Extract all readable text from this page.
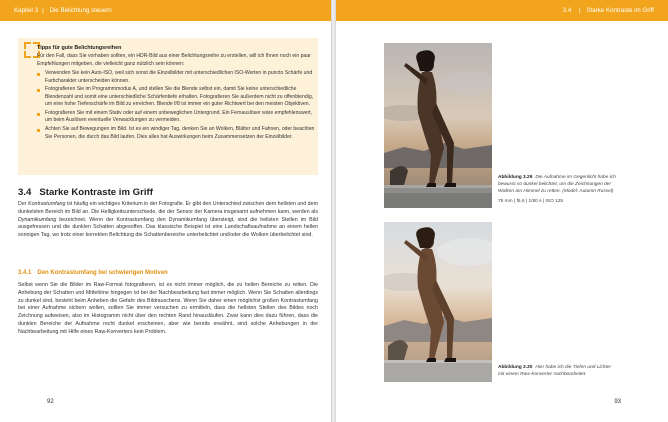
Kapitel 3 | Die Belichtung steuern
Tipps für gute Belichtungsreihen

Für den Fall, dass Sie vorhaben sollten, ein HDR-Bild aus einer Belichtungsreihe zu erstellen, will ich Ihnen noch ein paar Empfehlungen mitgeben, die vielleicht ganz nützlich sein können:

Verwenden Sie kein Auto-ISO, weil sich sonst die Einzelbilder mit unterschiedlichen ISO-Werten in puncto Schärfe und Farbcharakter unterscheiden können.
Fotografieren Sie im Programmmodus A, und stellen Sie die Blende selbst ein, damit Sie keine unterschiedliche Blendenzahl und somit eine unterschiedliche Schärfentiefe erhalten. Fotografieren Sie außerdem nicht zu offenblendig, um eine hohe Tiefenschärfe im Bild zu erreichen. Blende f/8 ist immer ein guter Richtwert bei den meisten Objektiven.
Fotografieren Sie mit einem Stativ oder auf einem unbeweglichen Untergrund. Ein Fernauslöser wäre empfehlenswert, um beim Auslösen eventuelle Verwacklungen zu vermeiden.
Achten Sie auf Bewegungen im Bild. Ist es ein windiger Tag, denken Sie an Wolken, Blätter und Fahnen, oder beachten Sie Personen, die durch das Bild laufen. Dies alles hat Auswirkungen beim Zusammensetzen der Einzelbilder.
3.4 Starke Kontraste im Griff
Der Kontrastumfang ist häufig ein wichtiges Kriterium in der Fotografie. Er gibt den Unterschied zwischen dem hellsten und dem dunkelsten Bereich im Bild an. Die Helligkeitsunterschiede, die der Sensor der Kamera insgesamt aufnehmen kann, werden als Dynamikumfang bezeichnet. Wenn der Kontrastumfang den Dynamikumfang übersteigt, sind die hellsten Stellen im Bild ausgefressen und die dunklen Schatten abgesoffen. Das klassische Beispiel ist eine Landschaftsaufnahme an einem hellen sonnigen Tag, wo trotz einer korrekten Belichtung die Schattenbereiche unterbelichtet und/oder die Wolken überbelichtet sind.
3.4.1 Den Kontrastumfang bei schwierigen Motiven
Selbst wenn Sie die Bilder im Raw-Format fotografieren, ist es nicht immer möglich, die zu hellen Bereiche zu retten. Die Anhebung der Schatten und Mitteltöne hingegen ist bei der Nachbearbeitung fast immer möglich. Wenn Sie Schatten allerdings zu dunkel sind, besteht beim Anheben die Gefahr des Bildrauschens. Wenn Sie daher einen möglichst großen Kontrastumfang bei einer Aufnahme sichern wollen, sollten Sie immer versuchen zu ermitteln, dass die hellsten Stellen des Bildes noch Zeichnung aufweisen, also im Histogramm nicht über den rechten Rand hinausläufen. Zwar kann dies dazu führen, dass die dunklen Bereiche der Aufnahme recht dunkel erscheinen, aber wie bereits erwähnt, sind solche Anhebungen in der Nachbearbeitung mit Hilfe eines Raw-Konverters kein Problem.
92
3.4 | Starke Kontraste im Griff
Abbildung 3.29 Die Aufnahme im Gegenlicht habe ich bewusst so dunkel belichtet, um die Zeichnungen der Wolken am Himmel zu retten. (Model: Autumn Russel)
75 mm | f5,6 | 1/80 s | ISO 125
Abbildung 3.30 Hier habe ich die Tiefen und Lichter mit einem Raw-Konverter nachbearbeitet.
93
